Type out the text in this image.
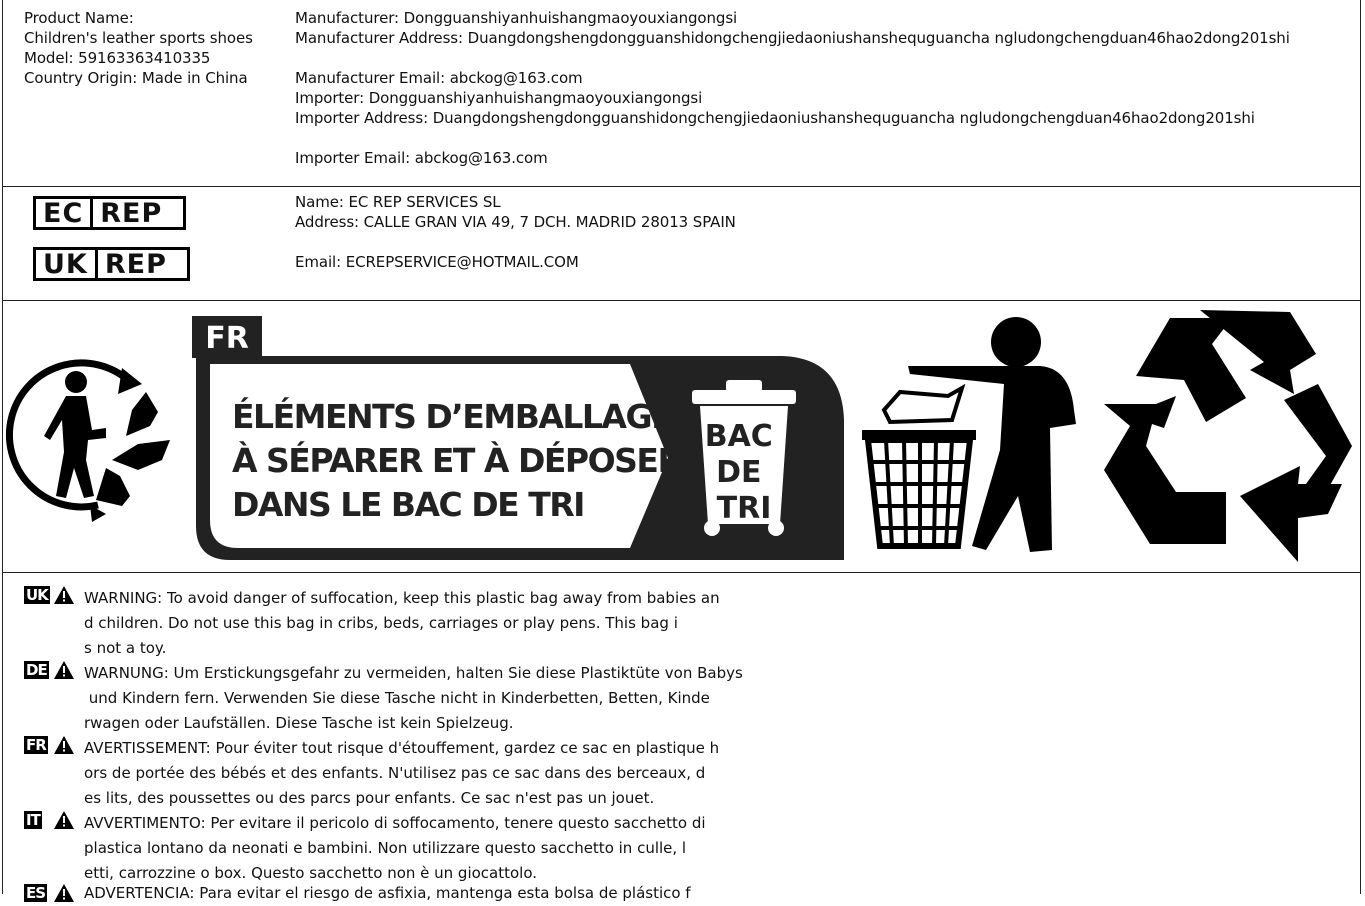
Product Name:
Children's leather sports shoes
Model: 59163363410335
Country Origin: Made in China
Manufacturer: Dongguanshiyanhuishangmaoyouxiangongsi
Manufacturer Address: Duangdongshengdongguanshidongchengjiedaoniushanshequguancha ngludongchengduan46hao2dong201shi
Manufacturer Email: abckog@163.com
Importer: Dongguanshiyanhuishangmaoyouxiangongsi
Importer Address: Duangdongshengdongguanshidongchengjiedaoniushanshequguancha ngludongchengduan46hao2dong201shi
Importer Email: abckog@163.com
EC REP
UK REP
Name: EC REP SERVICES SL
Address: CALLE GRAN VIA 49, 7 DCH. MADRID 28013 SPAIN
Email: ECREPSERVICE@HOTMAIL.COM
FR
ÉLÉMENTS D’EMBALLAGE À SÉPARER ET À DÉPOSER DANS LE BAC DE TRI
BAC DE TRI
UK WARNING: To avoid danger of suffocation, keep this plastic bag away from babies an
d children. Do not use this bag in cribs, beds, carriages or play pens. This bag i
s not a toy.
DE WARNUNG: Um Erstickungsgefahr zu vermeiden, halten Sie diese Plastiktüte von Babys
und Kindern fern. Verwenden Sie diese Tasche nicht in Kinderbetten, Betten, Kinde
rwagen oder Laufställen. Diese Tasche ist kein Spielzeug.
FR	AVERTISSEMENT: Pour éviter tout risque d'étouffement, gardez ce sac en plastique h
ors de portée des bébés et des enfants. N'utilisez pas ce sac dans des berceaux, d
es lits, des poussettes ou des parcs pour enfants. Ce sac n'est pas un jouet.
IT	AVVERTIMENTO: Per evitare il pericolo di soffocamento, tenere questo sacchetto di
plastica lontano da neonati e bambini. Non utilizzare questo sacchetto in culle, l
etti, carrozzine o box. Questo sacchetto non è un giocattolo.
ES	ADVERTENCIA: Para evitar el riesgo de asfixia, mantenga esta bolsa de plástico f
